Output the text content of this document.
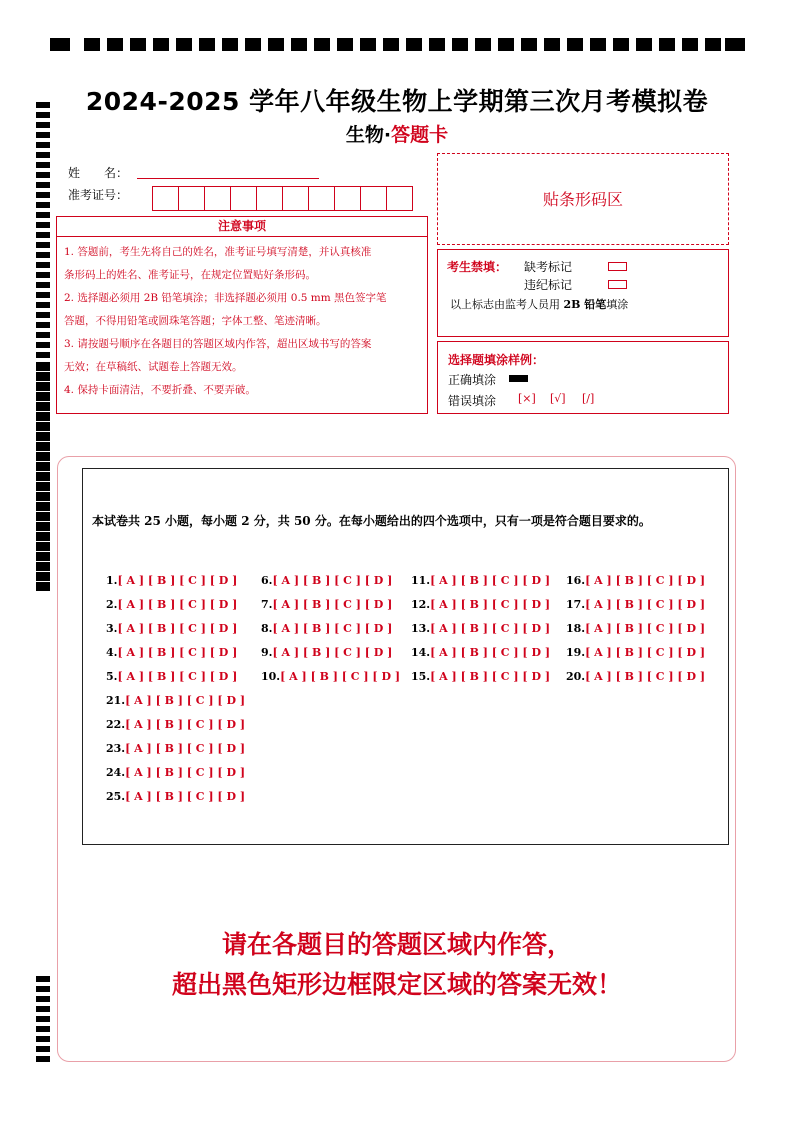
2024-2025 学年八年级生物上学期第三次月考模拟卷
生物·答题卡
姓　　名：
准考证号：
注意事项
1. 答题前，考生先将自己的姓名，准考证号填写清楚，并认真核准
条形码上的姓名、准考证号，在规定位置贴好条形码。
2. 选择题必须用 2B 铅笔填涂；非选择题必须用 0.5 mm 黑色签字笔
答题，不得用铅笔或圆珠笔答题；字体工整、笔迹清晰。
3. 请按题号顺序在各题目的答题区域内作答，超出区域书写的答案
无效；在草稿纸、试题卷上答题无效。
4. 保持卡面清洁，不要折叠、不要弄破。
贴条形码区
考生禁填： 缺考标记
违纪标记
以上标志由监考人员用 2B 铅笔填涂
选择题填涂样例：
正确填涂
错误填涂 [×] [√] [/]
本试卷共 25 小题，每小题 2 分，共 50 分。在每小题给出的四个选项中，只有一项是符合题目要求的。
1.[ A ] [ B ] [ C ] [ D ]
2.[ A ] [ B ] [ C ] [ D ]
3.[ A ] [ B ] [ C ] [ D ]
4.[ A ] [ B ] [ C ] [ D ]
5.[ A ] [ B ] [ C ] [ D ]
6.[ A ] [ B ] [ C ] [ D ]
7.[ A ] [ B ] [ C ] [ D ]
8.[ A ] [ B ] [ C ] [ D ]
9.[ A ] [ B ] [ C ] [ D ]
10.[ A ] [ B ] [ C ] [ D ]
11.[ A ] [ B ] [ C ] [ D ]
12.[ A ] [ B ] [ C ] [ D ]
13.[ A ] [ B ] [ C ] [ D ]
14.[ A ] [ B ] [ C ] [ D ]
15.[ A ] [ B ] [ C ] [ D ]
16.[ A ] [ B ] [ C ] [ D ]
17.[ A ] [ B ] [ C ] [ D ]
18.[ A ] [ B ] [ C ] [ D ]
19.[ A ] [ B ] [ C ] [ D ]
20.[ A ] [ B ] [ C ] [ D ]
21.[ A ] [ B ] [ C ] [ D ]
22.[ A ] [ B ] [ C ] [ D ]
23.[ A ] [ B ] [ C ] [ D ]
24.[ A ] [ B ] [ C ] [ D ]
25.[ A ] [ B ] [ C ] [ D ]
请在各题目的答题区域内作答，
超出黑色矩形边框限定区域的答案无效！
